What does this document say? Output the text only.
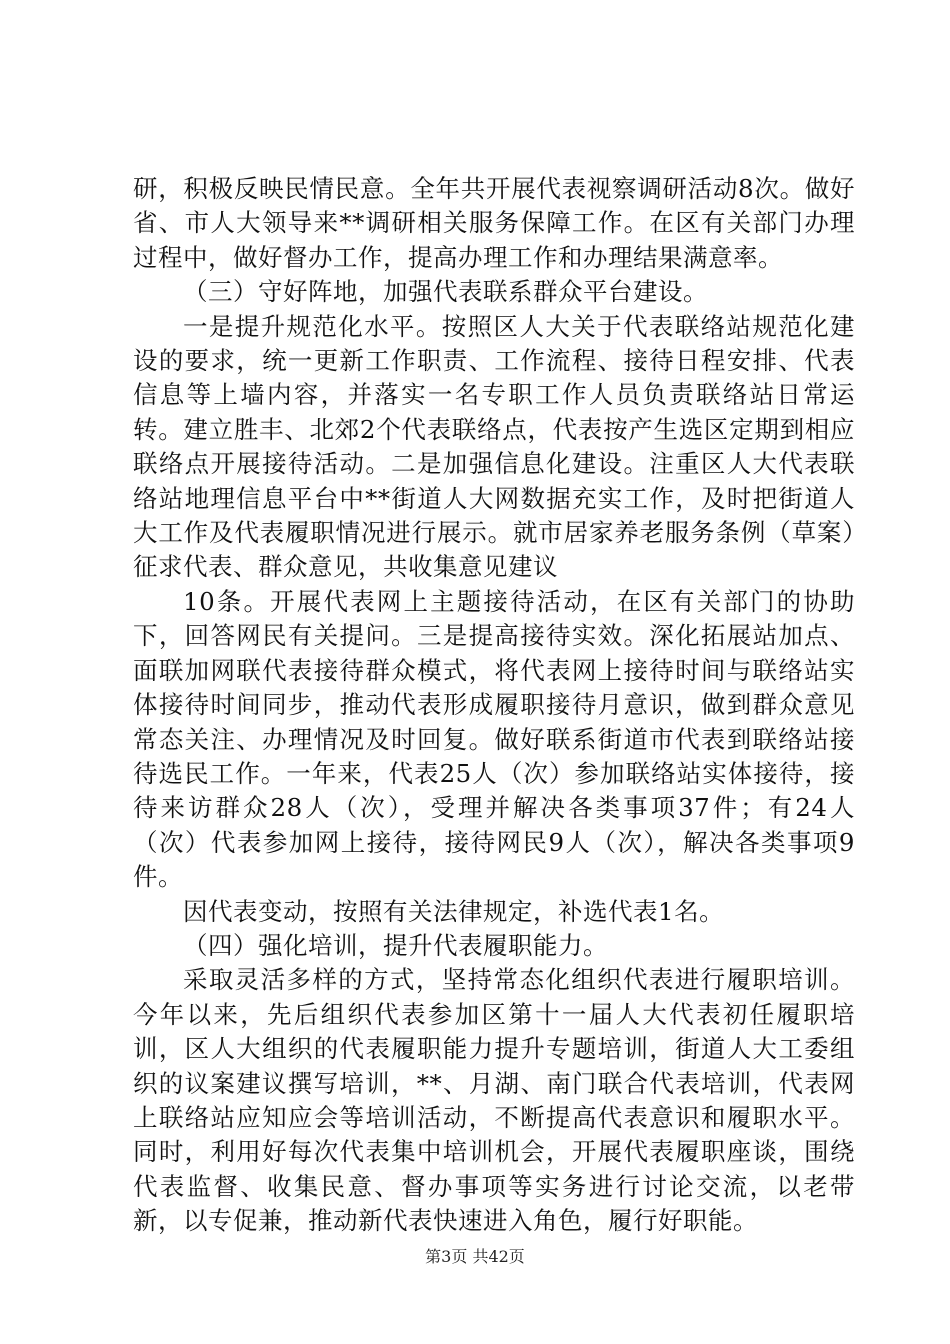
研，积极反映民情民意。全年共开展代表视察调研活动8次。做好省、市人大领导来**调研相关服务保障工作。在区有关部门办理过程中，做好督办工作，提高办理工作和办理结果满意率。

（三）守好阵地，加强代表联系群众平台建设。

一是提升规范化水平。按照区人大关于代表联络站规范化建设的要求，统一更新工作职责、工作流程、接待日程安排、代表信息等上墙内容，并落实一名专职工作人员负责联络站日常运转。建立胜丰、北郊2个代表联络点，代表按产生选区定期到相应联络点开展接待活动。二是加强信息化建设。注重区人大代表联络站地理信息平台中**街道人大网数据充实工作，及时把街道人大工作及代表履职情况进行展示。就市居家养老服务条例（草案）征求代表、群众意见，共收集意见建议

10条。开展代表网上主题接待活动，在区有关部门的协助下，回答网民有关提问。三是提高接待实效。深化拓展站加点、面联加网联代表接待群众模式，将代表网上接待时间与联络站实体接待时间同步，推动代表形成履职接待月意识，做到群众意见常态关注、办理情况及时回复。做好联系街道市代表到联络站接待选民工作。一年来，代表25人（次）参加联络站实体接待，接待来访群众28人（次），受理并解决各类事项37件；有24人（次）代表参加网上接待，接待网民9人（次），解决各类事项9件。

因代表变动，按照有关法律规定，补选代表1名。

（四）强化培训，提升代表履职能力。

采取灵活多样的方式，坚持常态化组织代表进行履职培训。今年以来，先后组织代表参加区第十一届人大代表初任履职培训，区人大组织的代表履职能力提升专题培训，街道人大工委组织的议案建议撰写培训，**、月湖、南门联合代表培训，代表网上联络站应知应会等培训活动，不断提高代表意识和履职水平。同时，利用好每次代表集中培训机会，开展代表履职座谈，围绕代表监督、收集民意、督办事项等实务进行讨论交流，以老带新，以专促兼，推动新代表快速进入角色，履行好职能。

第3页 共42页
